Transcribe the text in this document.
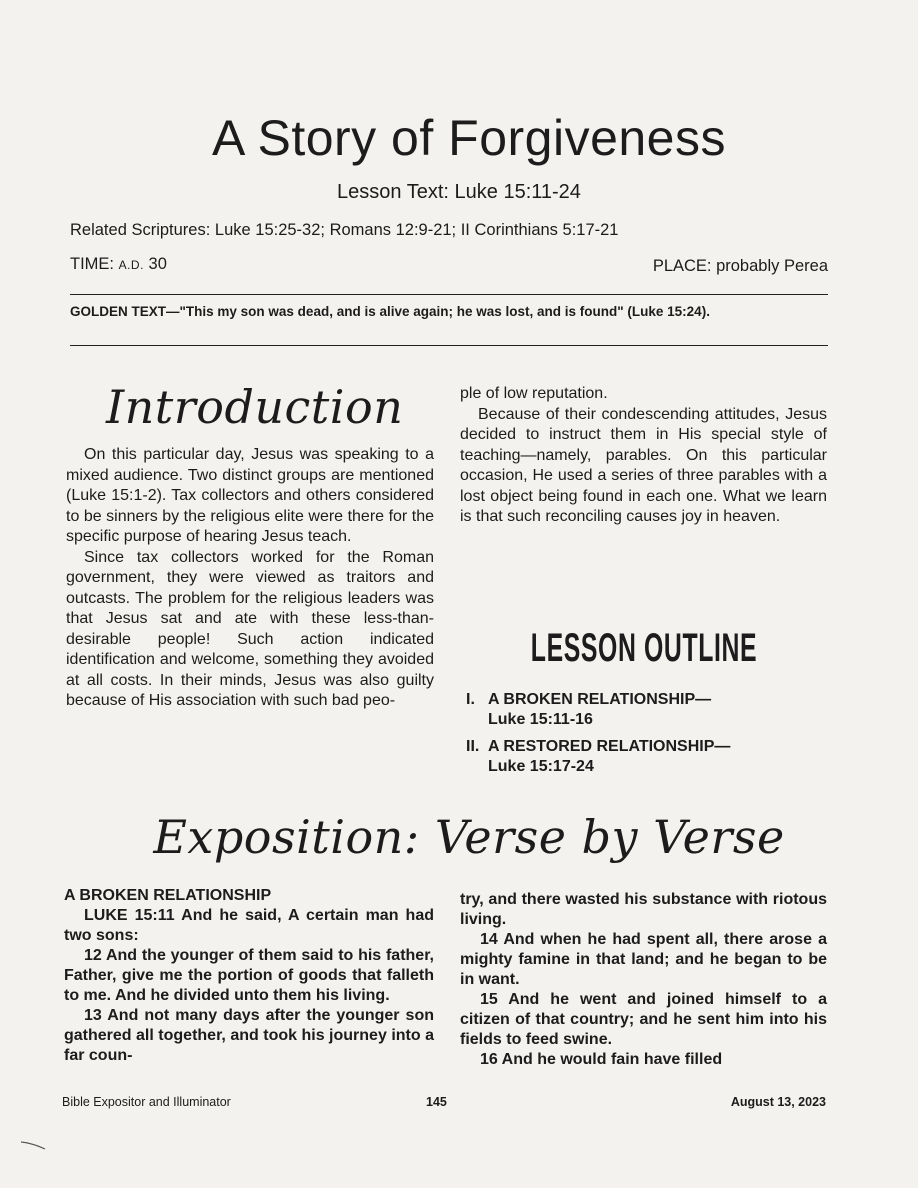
A Story of Forgiveness
Lesson Text: Luke 15:11-24
Related Scriptures: Luke 15:25-32; Romans 12:9-21; II Corinthians 5:17-21
TIME: A.D. 30	PLACE: probably Perea
GOLDEN TEXT—"This my son was dead, and is alive again; he was lost, and is found" (Luke 15:24).
Introduction

On this particular day, Jesus was speaking to a mixed audience. Two distinct groups are mentioned (Luke 15:1-2). Tax collectors and others considered to be sinners by the religious elite were there for the specific purpose of hearing Jesus teach.

Since tax collectors worked for the Roman government, they were viewed as traitors and outcasts. The problem for the religious leaders was that Jesus sat and ate with these less-than-desirable people! Such action indicated identification and welcome, something they avoided at all costs. In their minds, Jesus was also guilty because of His association with such bad peo-

ple of low reputation.

Because of their condescending attitudes, Jesus decided to instruct them in His special style of teaching—namely, parables. On this particular occasion, He used a series of three parables with a lost object being found in each one. What we learn is that such reconciling causes joy in heaven.

LESSON OUTLINE
I. A BROKEN RELATIONSHIP—
Luke 15:11-16
II. A RESTORED RELATIONSHIP—
Luke 15:17-24
Exposition: Verse by Verse

A BROKEN RELATIONSHIP

LUKE 15:11 And he said, A certain man had two sons:

12 And the younger of them said to his father, Father, give me the portion of goods that falleth to me. And he divided unto them his living.

13 And not many days after the younger son gathered all together, and took his journey into a far coun-

try, and there wasted his substance with riotous living.

14 And when he had spent all, there arose a mighty famine in that land; and he began to be in want.

15 And he went and joined himself to a citizen of that country; and he sent him into his fields to feed swine.

16 And he would fain have filled

Bible Expositor and Illuminator	145	August 13, 2023
